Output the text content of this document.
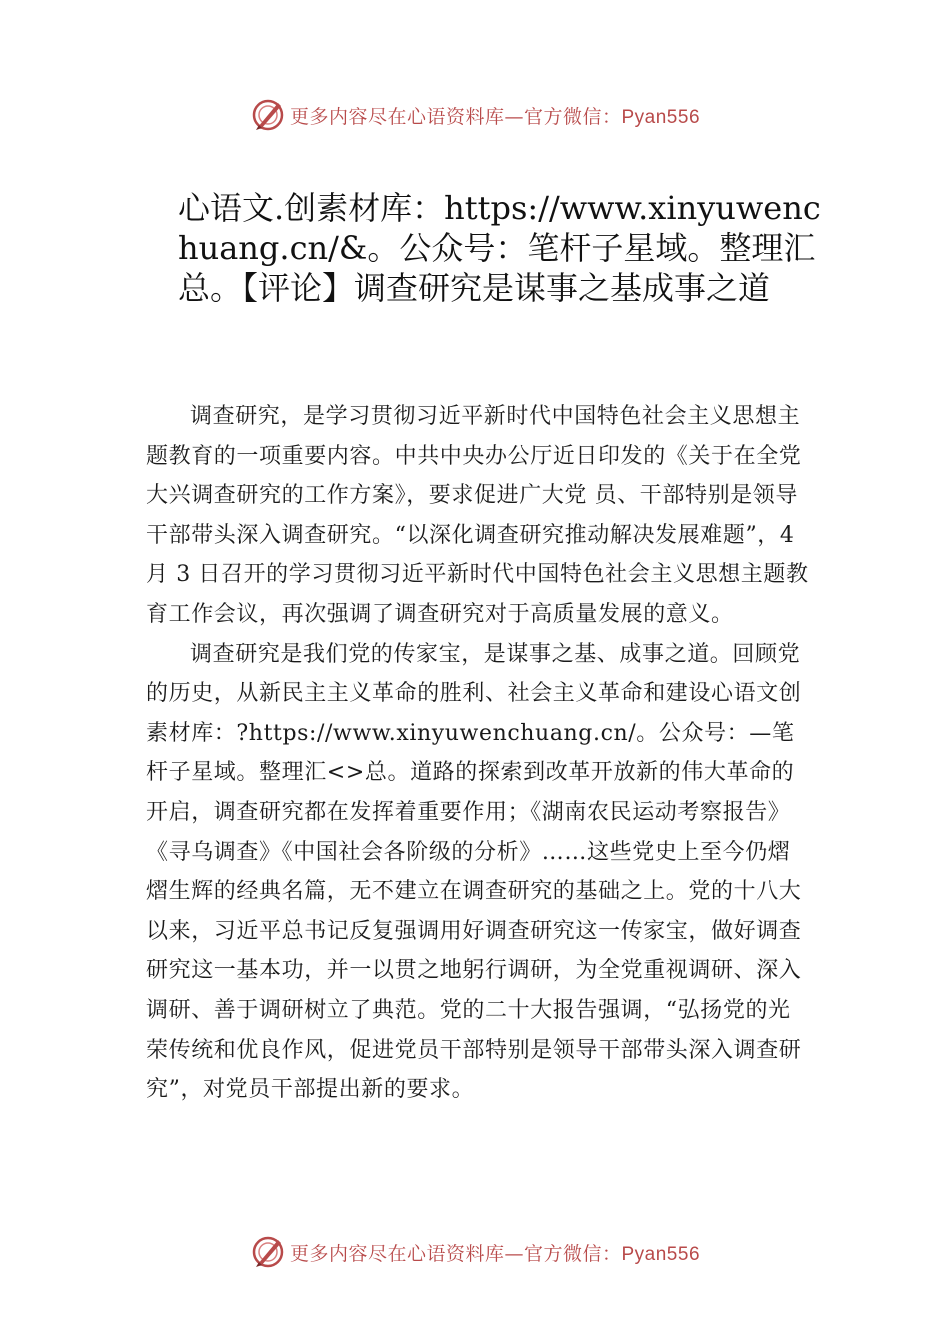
更多内容尽在心语资料库—官方微信：Pyan556
心语文.创素材库：https://www.xinyuwenchuang.cn/&。公众号：笔杆子星域。整理汇总。【评论】调查研究是谋事之基成事之道

调查研究，是学习贯彻习近平新时代中国特色社会主义思想主题教育的一项重要内容。中共中央办公厅近日印发的《关于在全党大兴调查研究的工作方案》，要求促进广大党 员、干部特别是领导干部带头深入调查研究。“以深化调查研究推动解决发展难题”，4 月 3 日召开的学习贯彻习近平新时代中国特色社会主义思想主题教育工作会议，再次强调了调查研究对于高质量发展的意义。

调查研究是我们党的传家宝，是谋事之基、成事之道。回顾党的历史，从新民主主义革命的胜利、社会主义革命和建设心语文创素材库：?https://www.xinyuwenchuang.cn/。公众号：—笔杆子星域。整理汇<>总。道路的探索到改革开放新的伟大革命的开启，调查研究都在发挥着重要作用；《湖南农民运动考察报告》《寻乌调查》《中国社会各阶级的分析》……这些党史上至今仍熠熠生辉的经典名篇，无不建立在调查研究的基础之上。党的十八大以来，习近平总书记反复强调用好调查研究这一传家宝，做好调查研究这一基本功，并一以贯之地躬行调研，为全党重视调研、深入调研、善于调研树立了典范。党的二十大报告强调，“弘扬党的光荣传统和优良作风，促进党员干部特别是领导干部带头深入调查研究”，对党员干部提出新的要求。

更多内容尽在心语资料库—官方微信：Pyan556
